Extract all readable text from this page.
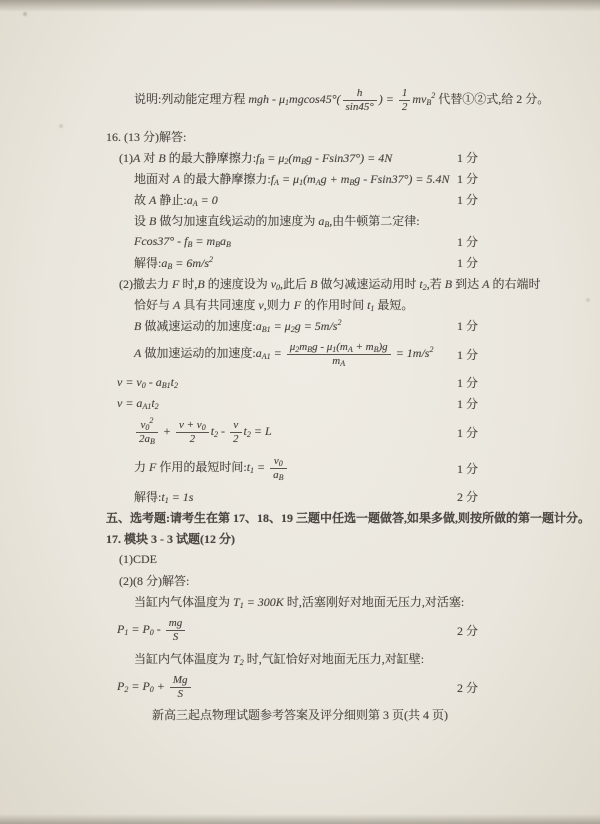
说明:列动能定理方程 mgh - $\mu_1mgcos45^\circ( \frac{h}{\sin 45^\circ}$ ) = $\frac{1}{2} mv_B^2$ 代替①②式,给 2 分。
16. (13 分)解答:
(1)A 对 B 的最大静摩擦力$:f_B = \mu_2(m_Bg - Fsin37^\circ) = 4N$	1 分
地面对 A 的最大静摩擦力$:f_A = \mu_1(m_Ag + m_Bg - Fsin37^\circ) = 5.4N$ 1 分
故 A 静止$:a_A = 0$	1 分
设 B 做匀加速直线运动的加速度为 $a_B$,由牛顿第二定律:
$Fcos37^\circ - f_B = m_Ba_B$	1 分
解得$:a_B = 6m/s^2$	1 分
(2)撤去力 F 时,B 的速度设为 $v_0$,此后 B 做匀减速运动用时 $t_2$,若 B 到达 A 的右端时
恰好与 A 具有共同速度 v,则力 F 的作用时间 $t_1$ 最短。
B 做减速运动的加速度$:a_{B1} = \mu_2g = 5m/s^2$	1 分
A 做加速运动的加速度$:a_{A1} = \frac{\mu_2m_Bg - \mu_1(m_A + m_B)g}{m_A} = 1m/s^2$	1 分
$v = v_0 - a_{B1}t_2$	1 分
$v = a_{A1}t_2$	1 分
$\frac{v_0^2}{2a_B} + \frac{v + v_0}{2} t_2 - \frac{v}{2} t_2 = L$	1 分
力 F 作用的最短时间$:t_1 = \frac{v_0}{a_B}$	1 分
解得$:t_1 = 1s$	2 分
五、选考题:请考生在第 17、18、19 三题中任选一题做答,如果多做,则按所做的第一题计分。
17. 模块 3 - 3 试题(12 分)
(1)CDE
(2)(8 分)解答:
当缸内气体温度为 $T_1 = 300K$ 时,活塞刚好对地面无压力,对活塞:
$P_1 = P_0 - \frac{mg}{S}$	2 分
当缸内气体温度为 $T_2$ 时,气缸恰好对地面无压力,对缸壁:
$P_2 = P_0 + \frac{Mg}{S}$	2 分
新高三起点物理试题参考答案及评分细则第 3 页(共 4 页)
